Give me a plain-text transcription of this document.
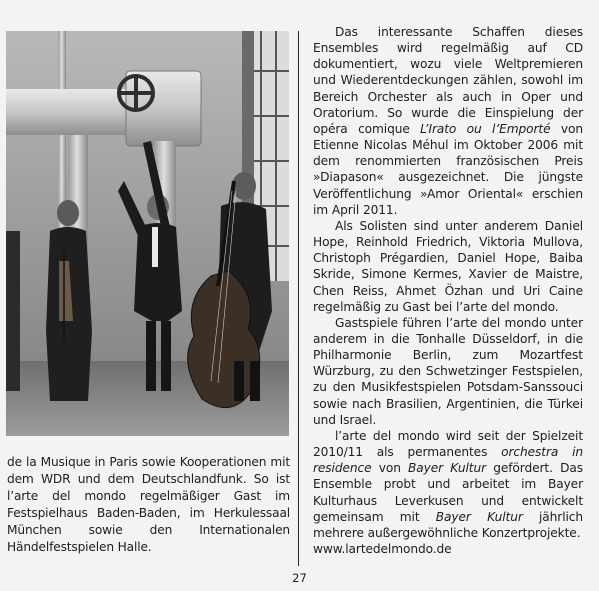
de la Musique in Paris sowie Kooperationen mit dem WDR und dem Deutschlandfunk. So ist l’arte del mondo regelmäßiger Gast im Festspielhaus Baden-Baden, im Herkulessaal München sowie den Internationalen Händelfestspielen Halle.

Das interessante Schaffen dieses Ensembles wird regelmäßig auf CD dokumentiert, wozu viele Weltpremieren und Wiederentdeckungen zählen, sowohl im Bereich Orchester als auch in Oper und Oratorium. So wurde die Einspielung der opéra comique L’Irato ou l’Emporté von Etienne Nicolas Méhul im Oktober 2006 mit dem renommierten französischen Preis »Diapason« ausgezeichnet. Die jüngste Veröffentlichung »Amor Oriental« erschien im April 2011.

Als Solisten sind unter anderem Daniel Hope, Reinhold Friedrich, Viktoria Mullova, Christoph Prégardien, Daniel Hope, Baiba Skride, Simone Kermes, Xavier de Maistre, Chen Reiss, Ahmet Özhan und Uri Caine regelmäßig zu Gast bei l’arte del mondo.

Gastspiele führen l’arte del mondo unter anderem in die Tonhalle Düsseldorf, in die Philharmonie Berlin, zum Mozartfest Würzburg, zu den Schwetzinger Festspielen, zu den Musikfestspielen Potsdam-Sanssouci sowie nach Brasilien, Argentinien, die Türkei und Israel.

l’arte del mondo wird seit der Spielzeit 2010/11 als permanentes orchestra in residence von Bayer Kultur gefördert. Das Ensemble probt und arbeitet im Bayer Kulturhaus Leverkusen und entwickelt gemeinsam mit Bayer Kultur jährlich mehrere außergewöhnliche Konzertprojekte.

www.lartedelmondo.de

27
